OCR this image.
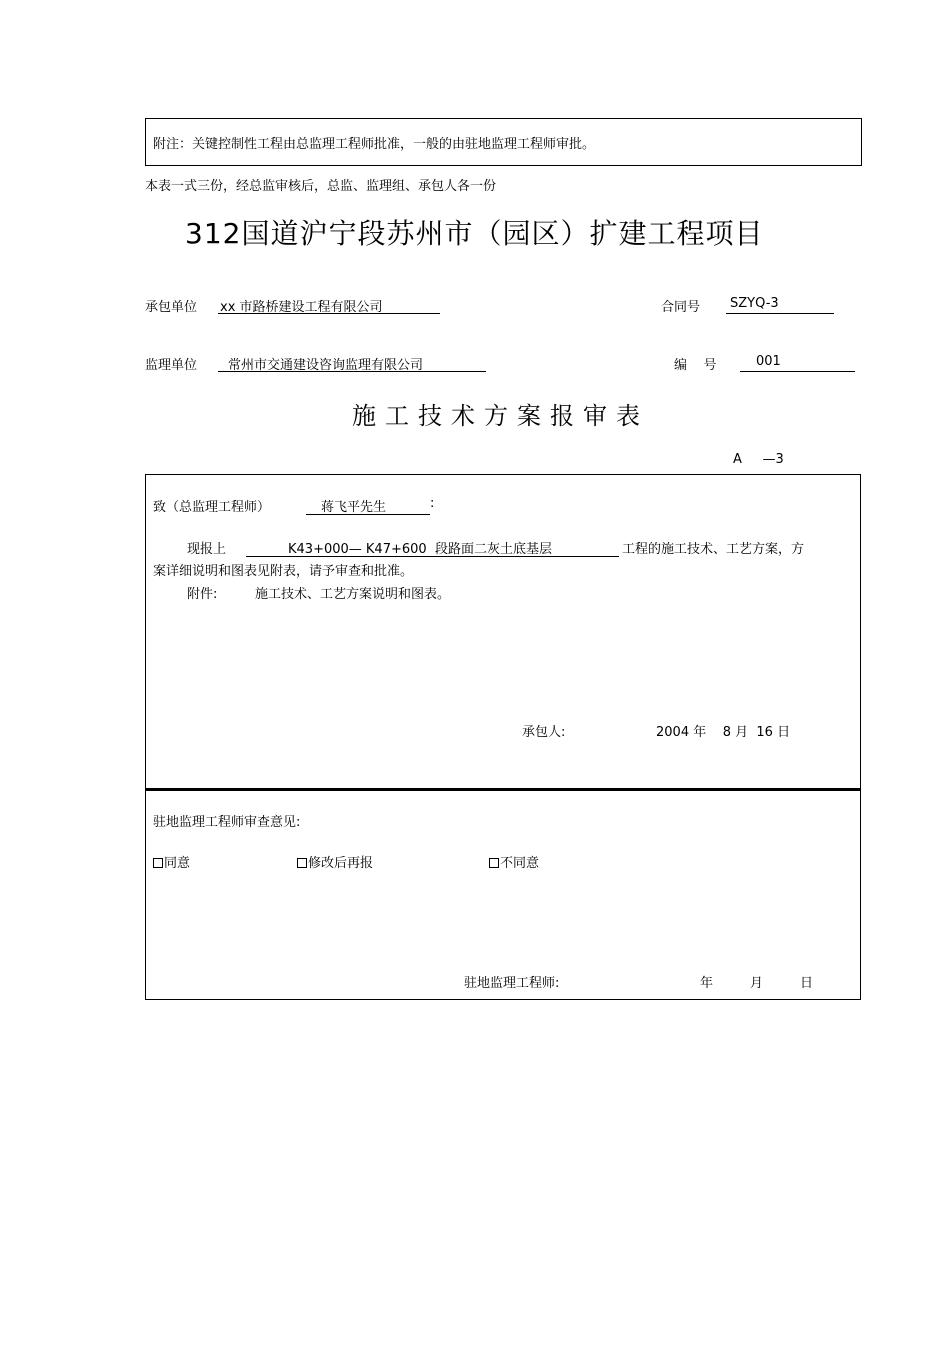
附注：关键控制性工程由总监理工程师批准，一般的由驻地监理工程师审批。
本表一式三份，经总监审核后，总监、监理组、承包人各一份
312国道沪宁段苏州市（园区）扩建工程项目
承包单位 xx 市路桥建设工程有限公司	合同号 SZYQ-3
监理单位 常州市交通建设咨询监理有限公司	编    号	001
施工技术方案报审表
A     —3
致（总监理工程师）	蒋飞平先生	:
现报上	K43+000— K47+600  段路面二灰土底基层	工程的施工技术、工艺方案，方
案详细说明和图表见附表，请予审查和批准。
附件:	施工技术、工艺方案说明和图表。
承包人:	2004 年    8 月  16 日
驻地监理工程师审查意见:
同意	修改后再报	不同意
驻地监理工程师:	年	月	日
